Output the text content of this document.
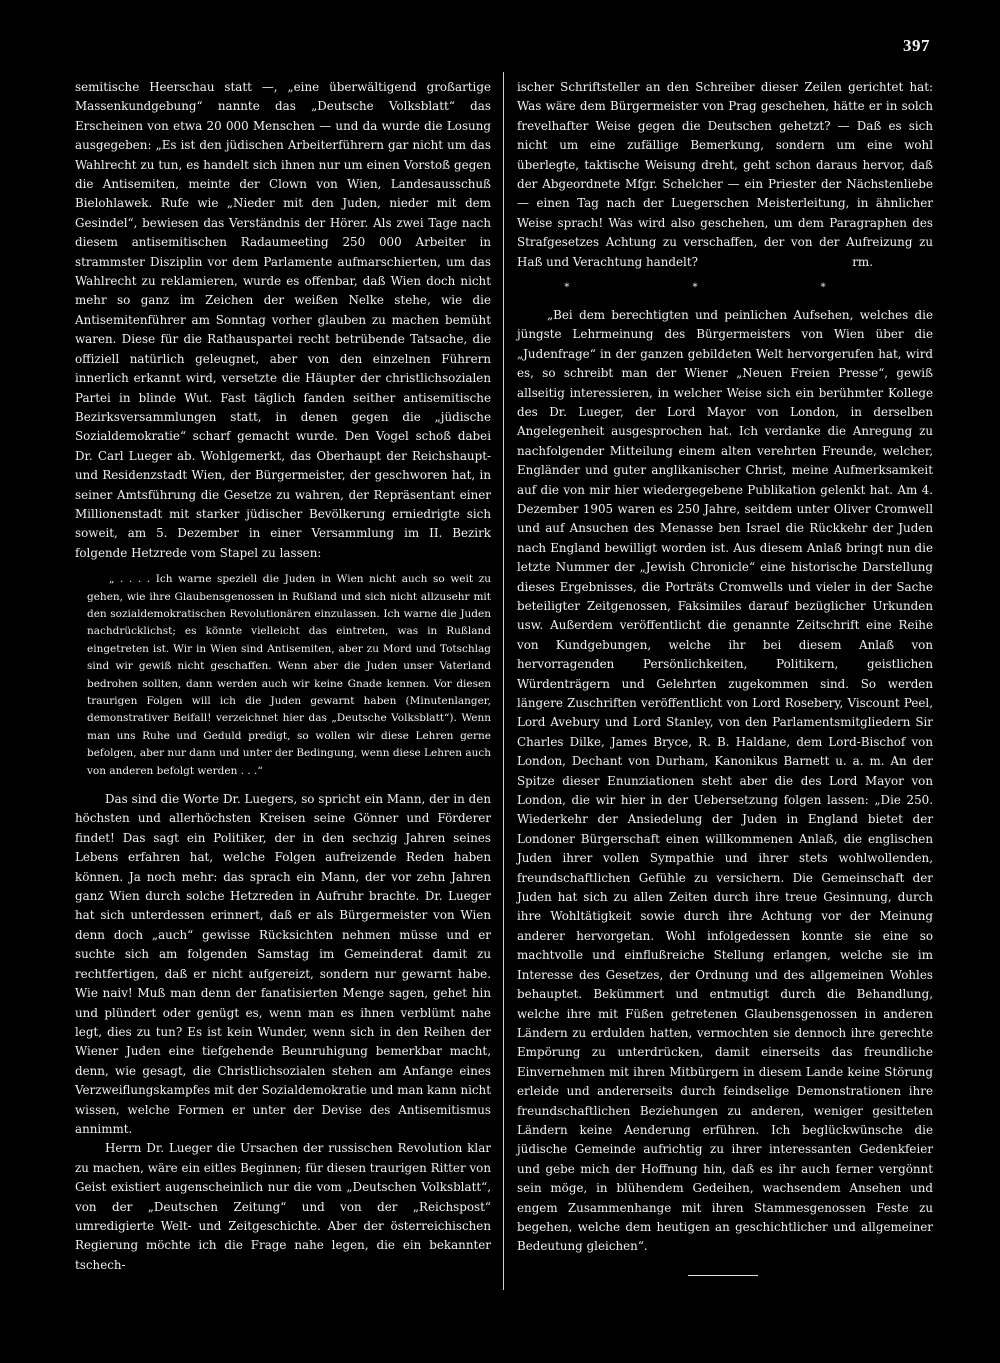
397

semitische Heerschau statt —, „eine überwältigend großartige Massenkundgebung“ nannte das „Deutsche Volksblatt“ das Erscheinen von etwa 20 000 Menschen — und da wurde die Losung ausgegeben: „Es ist den jüdischen Arbeiterführern gar nicht um das Wahlrecht zu tun, es handelt sich ihnen nur um einen Vorstoß gegen die Antisemiten, meinte der Clown von Wien, Landesausschuß Bielohlawek. Rufe wie „Nieder mit den Juden, nieder mit dem Gesindel“, bewiesen das Verständnis der Hörer. Als zwei Tage nach diesem antisemitischen Radaumeeting 250 000 Arbeiter in strammster Disziplin vor dem Parlamente aufmarschierten, um das Wahlrecht zu reklamieren, wurde es offenbar, daß Wien doch nicht mehr so ganz im Zeichen der weißen Nelke stehe, wie die Antisemitenführer am Sonntag vorher glauben zu machen bemüht waren. Diese für die Rathauspartei recht betrübende Tatsache, die offiziell natürlich geleugnet, aber von den einzelnen Führern innerlich erkannt wird, versetzte die Häupter der christlichsozialen Partei in blinde Wut. Fast täglich fanden seither antisemitische Bezirksversammlungen statt, in denen gegen die „jüdische Sozialdemokratie“ scharf gemacht wurde. Den Vogel schoß dabei Dr. Carl Lueger ab. Wohlgemerkt, das Oberhaupt der Reichshaupt- und Residenzstadt Wien, der Bürgermeister, der geschworen hat, in seiner Amtsführung die Gesetze zu wahren, der Repräsentant einer Millionenstadt mit starker jüdischer Bevölkerung erniedrigte sich soweit, am 5. Dezember in einer Versammlung im II. Bezirk folgende Hetzrede vom Stapel zu lassen:

„ . . . . Ich warne speziell die Juden in Wien nicht auch so weit zu gehen, wie ihre Glaubensgenossen in Rußland und sich nicht allzusehr mit den sozialdemokratischen Revolutionären einzulassen. Ich warne die Juden nachdrücklichst; es könnte vielleicht das eintreten, was in Rußland eingetreten ist. Wir in Wien sind Antisemiten, aber zu Mord und Totschlag sind wir gewiß nicht geschaffen. Wenn aber die Juden unser Vaterland bedrohen sollten, dann werden auch wir keine Gnade kennen. Vor diesen traurigen Folgen will ich die Juden gewarnt haben (Minutenlanger, demonstrativer Beifall! verzeichnet hier das „Deutsche Volksblatt“). Wenn man uns Ruhe und Geduld predigt, so wollen wir diese Lehren gerne befolgen, aber nur dann und unter der Bedingung, wenn diese Lehren auch von anderen befolgt werden . . .“

Das sind die Worte Dr. Luegers, so spricht ein Mann, der in den höchsten und allerhöchsten Kreisen seine Gönner und Förderer findet! Das sagt ein Politiker, der in den sechzig Jahren seines Lebens erfahren hat, welche Folgen aufreizende Reden haben können. Ja noch mehr: das sprach ein Mann, der vor zehn Jahren ganz Wien durch solche Hetzreden in Aufruhr brachte. Dr. Lueger hat sich unterdessen erinnert, daß er als Bürgermeister von Wien denn doch „auch“ gewisse Rücksichten nehmen müsse und er suchte sich am folgenden Samstag im Gemeinderat damit zu rechtfertigen, daß er nicht aufgereizt, sondern nur gewarnt habe. Wie naiv! Muß man denn der fanatisierten Menge sagen, gehet hin und plündert oder genügt es, wenn man es ihnen verblümt nahe legt, dies zu tun? Es ist kein Wunder, wenn sich in den Reihen der Wiener Juden eine tiefgehende Beunruhigung bemerkbar macht, denn, wie gesagt, die Christlichsozialen stehen am Anfange eines Verzweiflungskampfes mit der Sozialdemokratie und man kann nicht wissen, welche Formen er unter der Devise des Antisemitismus annimmt.

Herrn Dr. Lueger die Ursachen der russischen Revolution klar zu machen, wäre ein eitles Beginnen; für diesen traurigen Ritter von Geist existiert augenscheinlich nur die vom „Deutschen Volksblatt“, von der „Deutschen Zeitung“ und von der „Reichspost“ umredigierte Welt- und Zeitgeschichte. Aber der österreichischen Regierung möchte ich die Frage nahe legen, die ein bekannter tschech-

ischer Schriftsteller an den Schreiber dieser Zeilen gerichtet hat: Was wäre dem Bürgermeister von Prag geschehen, hätte er in solch frevelhafter Weise gegen die Deutschen gehetzt? — Daß es sich nicht um eine zufällige Bemerkung, sondern um eine wohl überlegte, taktische Weisung dreht, geht schon daraus hervor, daß der Abgeordnete Mfgr. Schelcher — ein Priester der Nächstenliebe — einen Tag nach der Luegerschen Meisterleitung, in ähnlicher Weise sprach! Was wird also geschehen, um dem Paragraphen des Strafgesetzes Achtung zu verschaffen, der von der Aufreizung zu Haß und Verachtung handelt?	rm.
* * *

„Bei dem berechtigten und peinlichen Aufsehen, welches die jüngste Lehrmeinung des Bürgermeisters von Wien über die „Judenfrage“ in der ganzen gebildeten Welt hervorgerufen hat, wird es, so schreibt man der Wiener „Neuen Freien Presse“, gewiß allseitig interessieren, in welcher Weise sich ein berühmter Kollege des Dr. Lueger, der Lord Mayor von London, in derselben Angelegenheit ausgesprochen hat. Ich verdanke die Anregung zu nachfolgender Mitteilung einem alten verehrten Freunde, welcher, Engländer und guter anglikanischer Christ, meine Aufmerksamkeit auf die von mir hier wiedergegebene Publikation gelenkt hat. Am 4. Dezember 1905 waren es 250 Jahre, seitdem unter Oliver Cromwell und auf Ansuchen des Menasse ben Israel die Rückkehr der Juden nach England bewilligt worden ist. Aus diesem Anlaß bringt nun die letzte Nummer der „Jewish Chronicle“ eine historische Darstellung dieses Ergebnisses, die Porträts Cromwells und vieler in der Sache beteiligter Zeitgenossen, Faksimiles darauf bezüglicher Urkunden usw. Außerdem veröffentlicht die genannte Zeitschrift eine Reihe von Kundgebungen, welche ihr bei diesem Anlaß von hervorragenden Persönlichkeiten, Politikern, geistlichen Würdenträgern und Gelehrten zugekommen sind. So werden längere Zuschriften veröffentlicht von Lord Rosebery, Viscount Peel, Lord Avebury und Lord Stanley, von den Parlamentsmitgliedern Sir Charles Dilke, James Bryce, R. B. Haldane, dem Lord-Bischof von London, Dechant von Durham, Kanonikus Barnett u. a. m. An der Spitze dieser Enunziationen steht aber die des Lord Mayor von London, die wir hier in der Uebersetzung folgen lassen: „Die 250. Wiederkehr der Ansiedelung der Juden in England bietet der Londoner Bürgerschaft einen willkommenen Anlaß, die englischen Juden ihrer vollen Sympathie und ihrer stets wohlwollenden, freundschaftlichen Gefühle zu versichern. Die Gemeinschaft der Juden hat sich zu allen Zeiten durch ihre treue Gesinnung, durch ihre Wohltätigkeit sowie durch ihre Achtung vor der Meinung anderer hervorgetan. Wohl infolgedessen konnte sie eine so machtvolle und einflußreiche Stellung erlangen, welche sie im Interesse des Gesetzes, der Ordnung und des allgemeinen Wohles behauptet. Bekümmert und entmutigt durch die Behandlung, welche ihre mit Füßen getretenen Glaubensgenossen in anderen Ländern zu erdulden hatten, vermochten sie dennoch ihre gerechte Empörung zu unterdrücken, damit einerseits das freundliche Einvernehmen mit ihren Mitbürgern in diesem Lande keine Störung erleide und andererseits durch feindselige Demonstrationen ihre freundschaftlichen Beziehungen zu anderen, weniger gesitteten Ländern keine Aenderung erführen. Ich beglückwünsche die jüdische Gemeinde aufrichtig zu ihrer interessanten Gedenkfeier und gebe mich der Hoffnung hin, daß es ihr auch ferner vergönnt sein möge, in blühendem Gedeihen, wachsendem Ansehen und engem Zusammenhange mit ihren Stammesgenossen Feste zu begehen, welche dem heutigen an geschichtlicher und allgemeiner Bedeutung gleichen“.
